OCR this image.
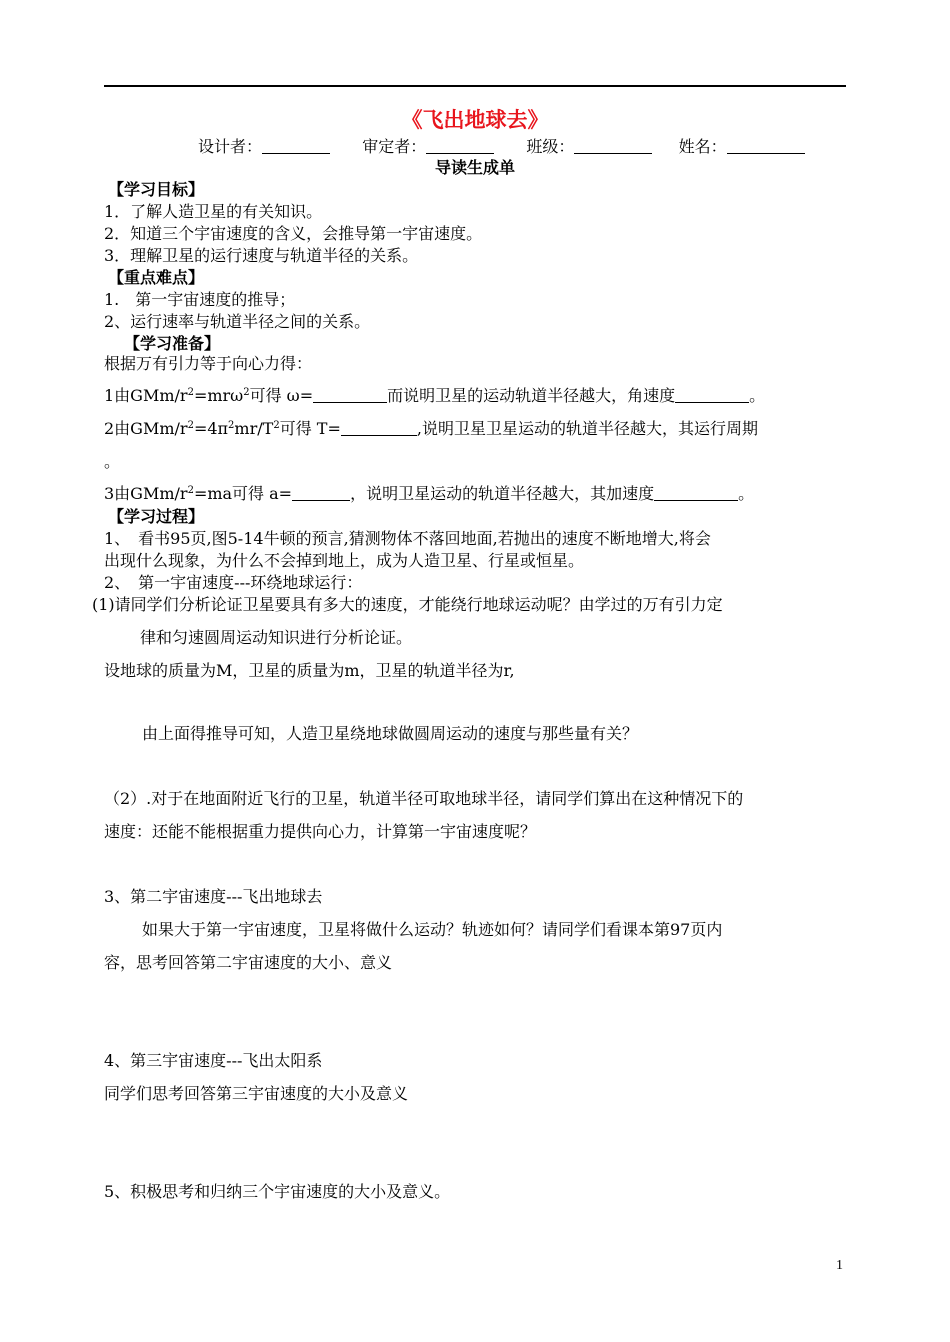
《飞出地球去》
设计者：	审定者：	班级：	姓名：
导读生成单
【学习目标】
1．了解人造卫星的有关知识。
2．知道三个宇宙速度的含义，会推导第一宇宙速度。
3．理解卫星的运行速度与轨道半径的关系。
【重点难点】
1.　第一宇宙速度的推导；
2、运行速率与轨道半径之间的关系。
【学习准备】
根据万有引力等于向心力得：
1由GMm/$r^2=mr\omega^2$可得 ω=	而说明卫星的运动轨道半径越大，角速度	。
2由GMm/$r^2=4\pi^2mr/T^2$可得 T=	,说明卫星卫星运动的轨道半径越大，其运行周期
。
3由GMm/$r^2=ma$可得 a=	，说明卫星运动的轨道半径越大，其加速度	。
【学习过程】
1、　看书95页,图5-14牛顿的预言,猜测物体不落回地面,若抛出的速度不断地增大,将会
出现什么现象，为什么不会掉到地上，成为人造卫星、行星或恒星。
2、　第一宇宙速度---环绕地球运行：
(1)请同学们分析论证卫星要具有多大的速度，才能绕行地球运动呢？由学过的万有引力定
律和匀速圆周运动知识进行分析论证。
设地球的质量为M，卫星的质量为m，卫星的轨道半径为r,
由上面得推导可知，人造卫星绕地球做圆周运动的速度与那些量有关？
（2）.对于在地面附近飞行的卫星，轨道半径可取地球半径，请同学们算出在这种情况下的
速度：还能不能根据重力提供向心力，计算第一宇宙速度呢？
3、第二宇宙速度---飞出地球去
如果大于第一宇宙速度，卫星将做什么运动？轨迹如何？请同学们看课本第97页内
容，思考回答第二宇宙速度的大小、意义
4、第三宇宙速度---飞出太阳系
同学们思考回答第三宇宙速度的大小及意义
5、积极思考和归纳三个宇宙速度的大小及意义。
1
